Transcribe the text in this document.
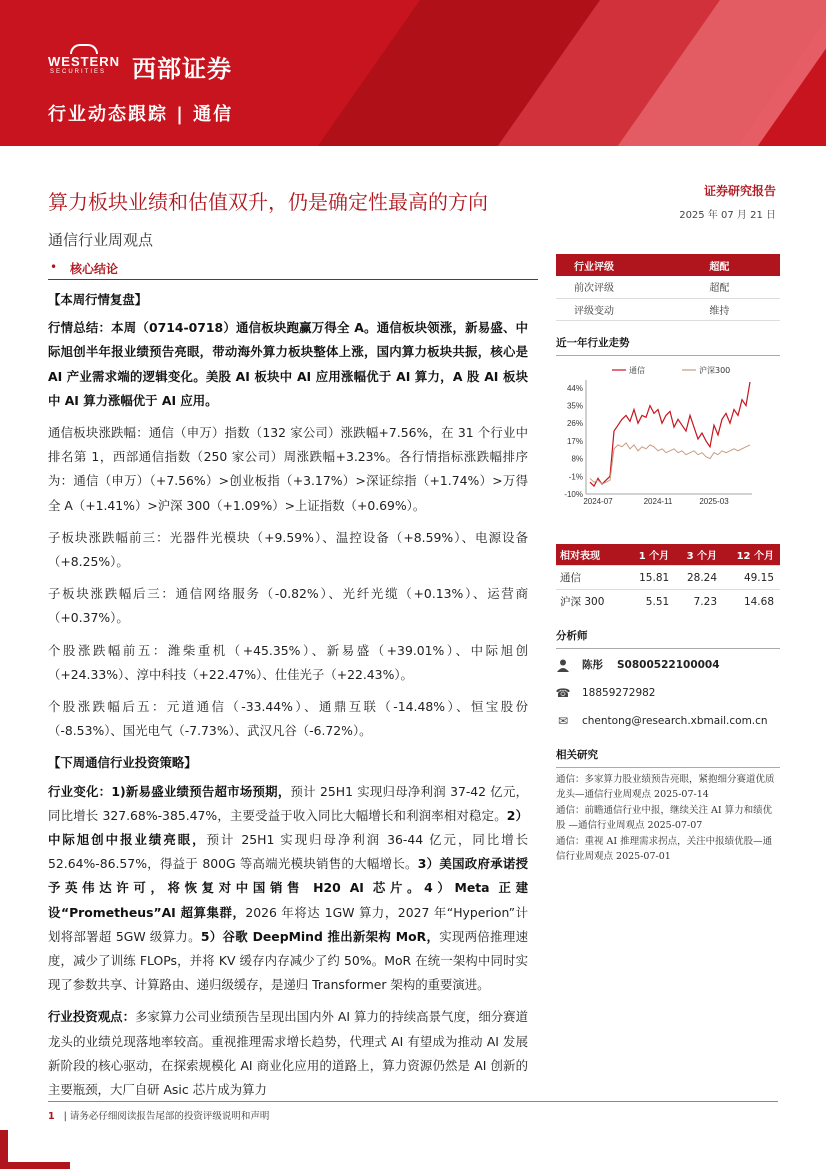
WESTERN
SECURITIES 西部证券
行业动态跟踪 | 通信
证券研究报告
2025 年 07 月 21 日
算力板块业绩和估值双升，仍是确定性最高的方向
通信行业周观点
• 核心结论
【本周行情复盘】

行情总结：本周（0714-0718）通信板块跑赢万得全 A。通信板块领涨，新易盛、中际旭创半年报业绩预告亮眼，带动海外算力板块整体上涨，国内算力板块共振，核心是 AI 产业需求端的逻辑变化。美股 AI 板块中 AI 应用涨幅优于 AI 算力，A 股 AI 板块中 AI 算力涨幅优于 AI 应用。

通信板块涨跌幅：通信（申万）指数（132 家公司）涨跌幅+7.56%，在 31 个行业中排名第 1，西部通信指数（250 家公司）周涨跌幅+3.23%。各行情指标涨跌幅排序为：通信（申万）（+7.56%）>创业板指（+3.17%）>深证综指（+1.74%）>万得全 A（+1.41%）>沪深 300（+1.09%）>上证指数（+0.69%）。

子板块涨跌幅前三：光器件光模块（+9.59%）、温控设备（+8.59%）、电源设备（+8.25%）。

子板块涨跌幅后三：通信网络服务（-0.82%）、光纤光缆（+0.13%）、运营商（+0.37%）。

个股涨跌幅前五：潍柴重机（+45.35%）、新易盛（+39.01%）、中际旭创（+24.33%）、淳中科技（+22.47%）、仕佳光子（+22.43%）。

个股涨跌幅后五：元道通信（-33.44%）、通鼎互联（-14.48%）、恒宝股份（-8.53%）、国光电气（-7.73%）、武汉凡谷（-6.72%）。

【下周通信行业投资策略】

行业变化：1)新易盛业绩预告超市场预期，预计 25H1 实现归母净利润 37-42 亿元，同比增长 327.68%-385.47%，主要受益于收入同比大幅增长和利润率相对稳定。2）中际旭创中报业绩亮眼，预计 25H1 实现归母净利润 36-44 亿元，同比增长 52.64%-86.57%，得益于 800G 等高端光模块销售的大幅增长。3）美国政府承诺授予英伟达许可，将恢复对中国销售 H20 AI 芯片。4）Meta 正建设“Prometheus”AI 超算集群，2026 年将达 1GW 算力，2027 年“Hyperion”计划将部署超 5GW 级算力。5）谷歌 DeepMind 推出新架构 MoR，实现两倍推理速度，减少了训练 FLOPs，并将 KV 缓存内存减少了约 50%。MoR 在统一架构中同时实现了参数共享、计算路由、递归级缓存，是递归 Transformer 架构的重要演进。

行业投资观点：多家算力公司业绩预告呈现出国内外 AI 算力的持续高景气度，细分赛道龙头的业绩兑现落地率较高。重视推理需求增长趋势，代理式 AI 有望成为推动 AI 发展新阶段的核心驱动，在探索规模化 AI 商业化应用的道路上，算力资源仍然是 AI 创新的主要瓶颈，大厂自研 Asic 芯片成为算力

行业评级	超配
前次评级	超配
评级变动	维持
近一年行业走势
44%
35%
26%
17%
8%
-1%
-10%
2024-07	2024-11	2025-03
通信	沪深300
相对表现	1 个月	3 个月	12 个月
通信	15.81	28.24	49.15
沪深 300	5.51	7.23	14.68
分析师
陈彤 S0800522100004
☎ 18859272982
✉ chentong@research.xbmail.com.cn
相关研究
通信：多家算力股业绩预告亮眼，紧抱细分赛道优质龙头—通信行业周观点 2025-07-14
通信：前瞻通信行业中报，继续关注 AI 算力和绩优股 —通信行业周观点 2025-07-07
通信：重视 AI 推理需求拐点，关注中报绩优股—通信行业周观点 2025-07-01
1 | 请务必仔细阅读报告尾部的投资评级说明和声明
